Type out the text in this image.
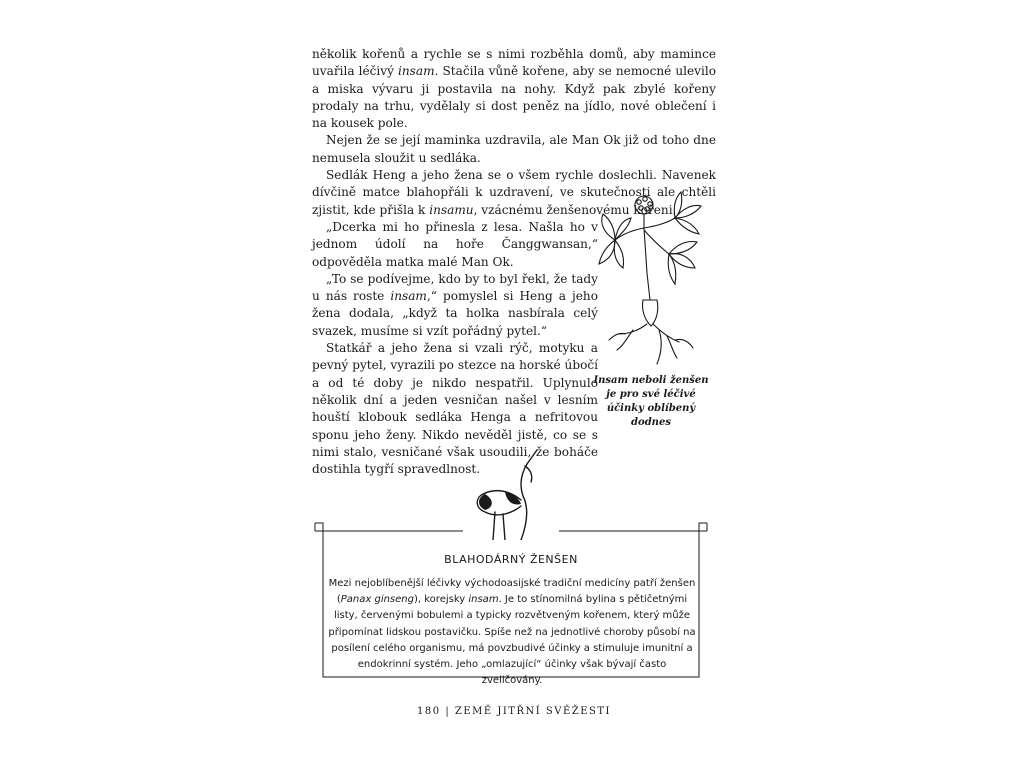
několik kořenů a rychle se s nimi rozběhla domů, aby mamince uvařila léčivý insam. Stačila vůně kořene, aby se nemocné ulevilo a miska vývaru ji postavila na nohy. Když pak zbylé kořeny prodaly na trhu, vydělaly si dost peněz na jídlo, nové oblečení i na kousek pole.

Nejen že se její maminka uzdravila, ale Man Ok již od toho dne nemusela sloužit u sedláka.

Sedlák Heng a jeho žena se o všem rychle doslechli. Navenek dívčině matce blahopřáli k uzdravení, ve skutečnosti ale chtěli zjistit, kde přišla k insamu, vzácnému ženšenovému kořeni.

„Dcerka mi ho přinesla z lesa. Našla ho v jednom údolí na hoře Čanggwansan,“ odpověděla matka malé Man Ok.

„To se podívejme, kdo by to byl řekl, že tady u nás roste insam,“ pomyslel si Heng a jeho žena dodala, „když ta holka nasbírala celý svazek, musíme si vzít pořádný pytel.“

Statkář a jeho žena si vzali rýč, motyku a pevný pytel, vyrazili po stezce na horské úbočí a od té doby je nikdo nespatřil. Uplynulo několik dní a jeden vesničan našel v lesním houští klobouk sedláka Henga a nefritovou sponu jeho ženy. Nikdo nevěděl jistě, co se s nimi stalo, vesničané však usoudili, že boháče dostihla tygří spravedlnost.

Insam neboli ženšen je pro své léčivé účinky oblíbený dodnes
BLAHODÁRNÝ ŽENŠEN
Mezi nejoblíbenější léčivky východoasijské tradiční medicíny patří ženšen (Panax ginseng), korejsky insam. Je to stínomilná bylina s pětičetnými listy, červenými bobulemi a typicky rozvětveným kořenem, který může připomínat lidskou postavičku. Spíše než na jednotlivé choroby působí na posílení celého organismu, má povzbudivé účinky a stimuluje imunitní a endokrinní systém. Jeho „omlazující“ účinky však bývají často zveličovány.
180 | ZEMĚ JITŘNÍ SVĚŽESTI
